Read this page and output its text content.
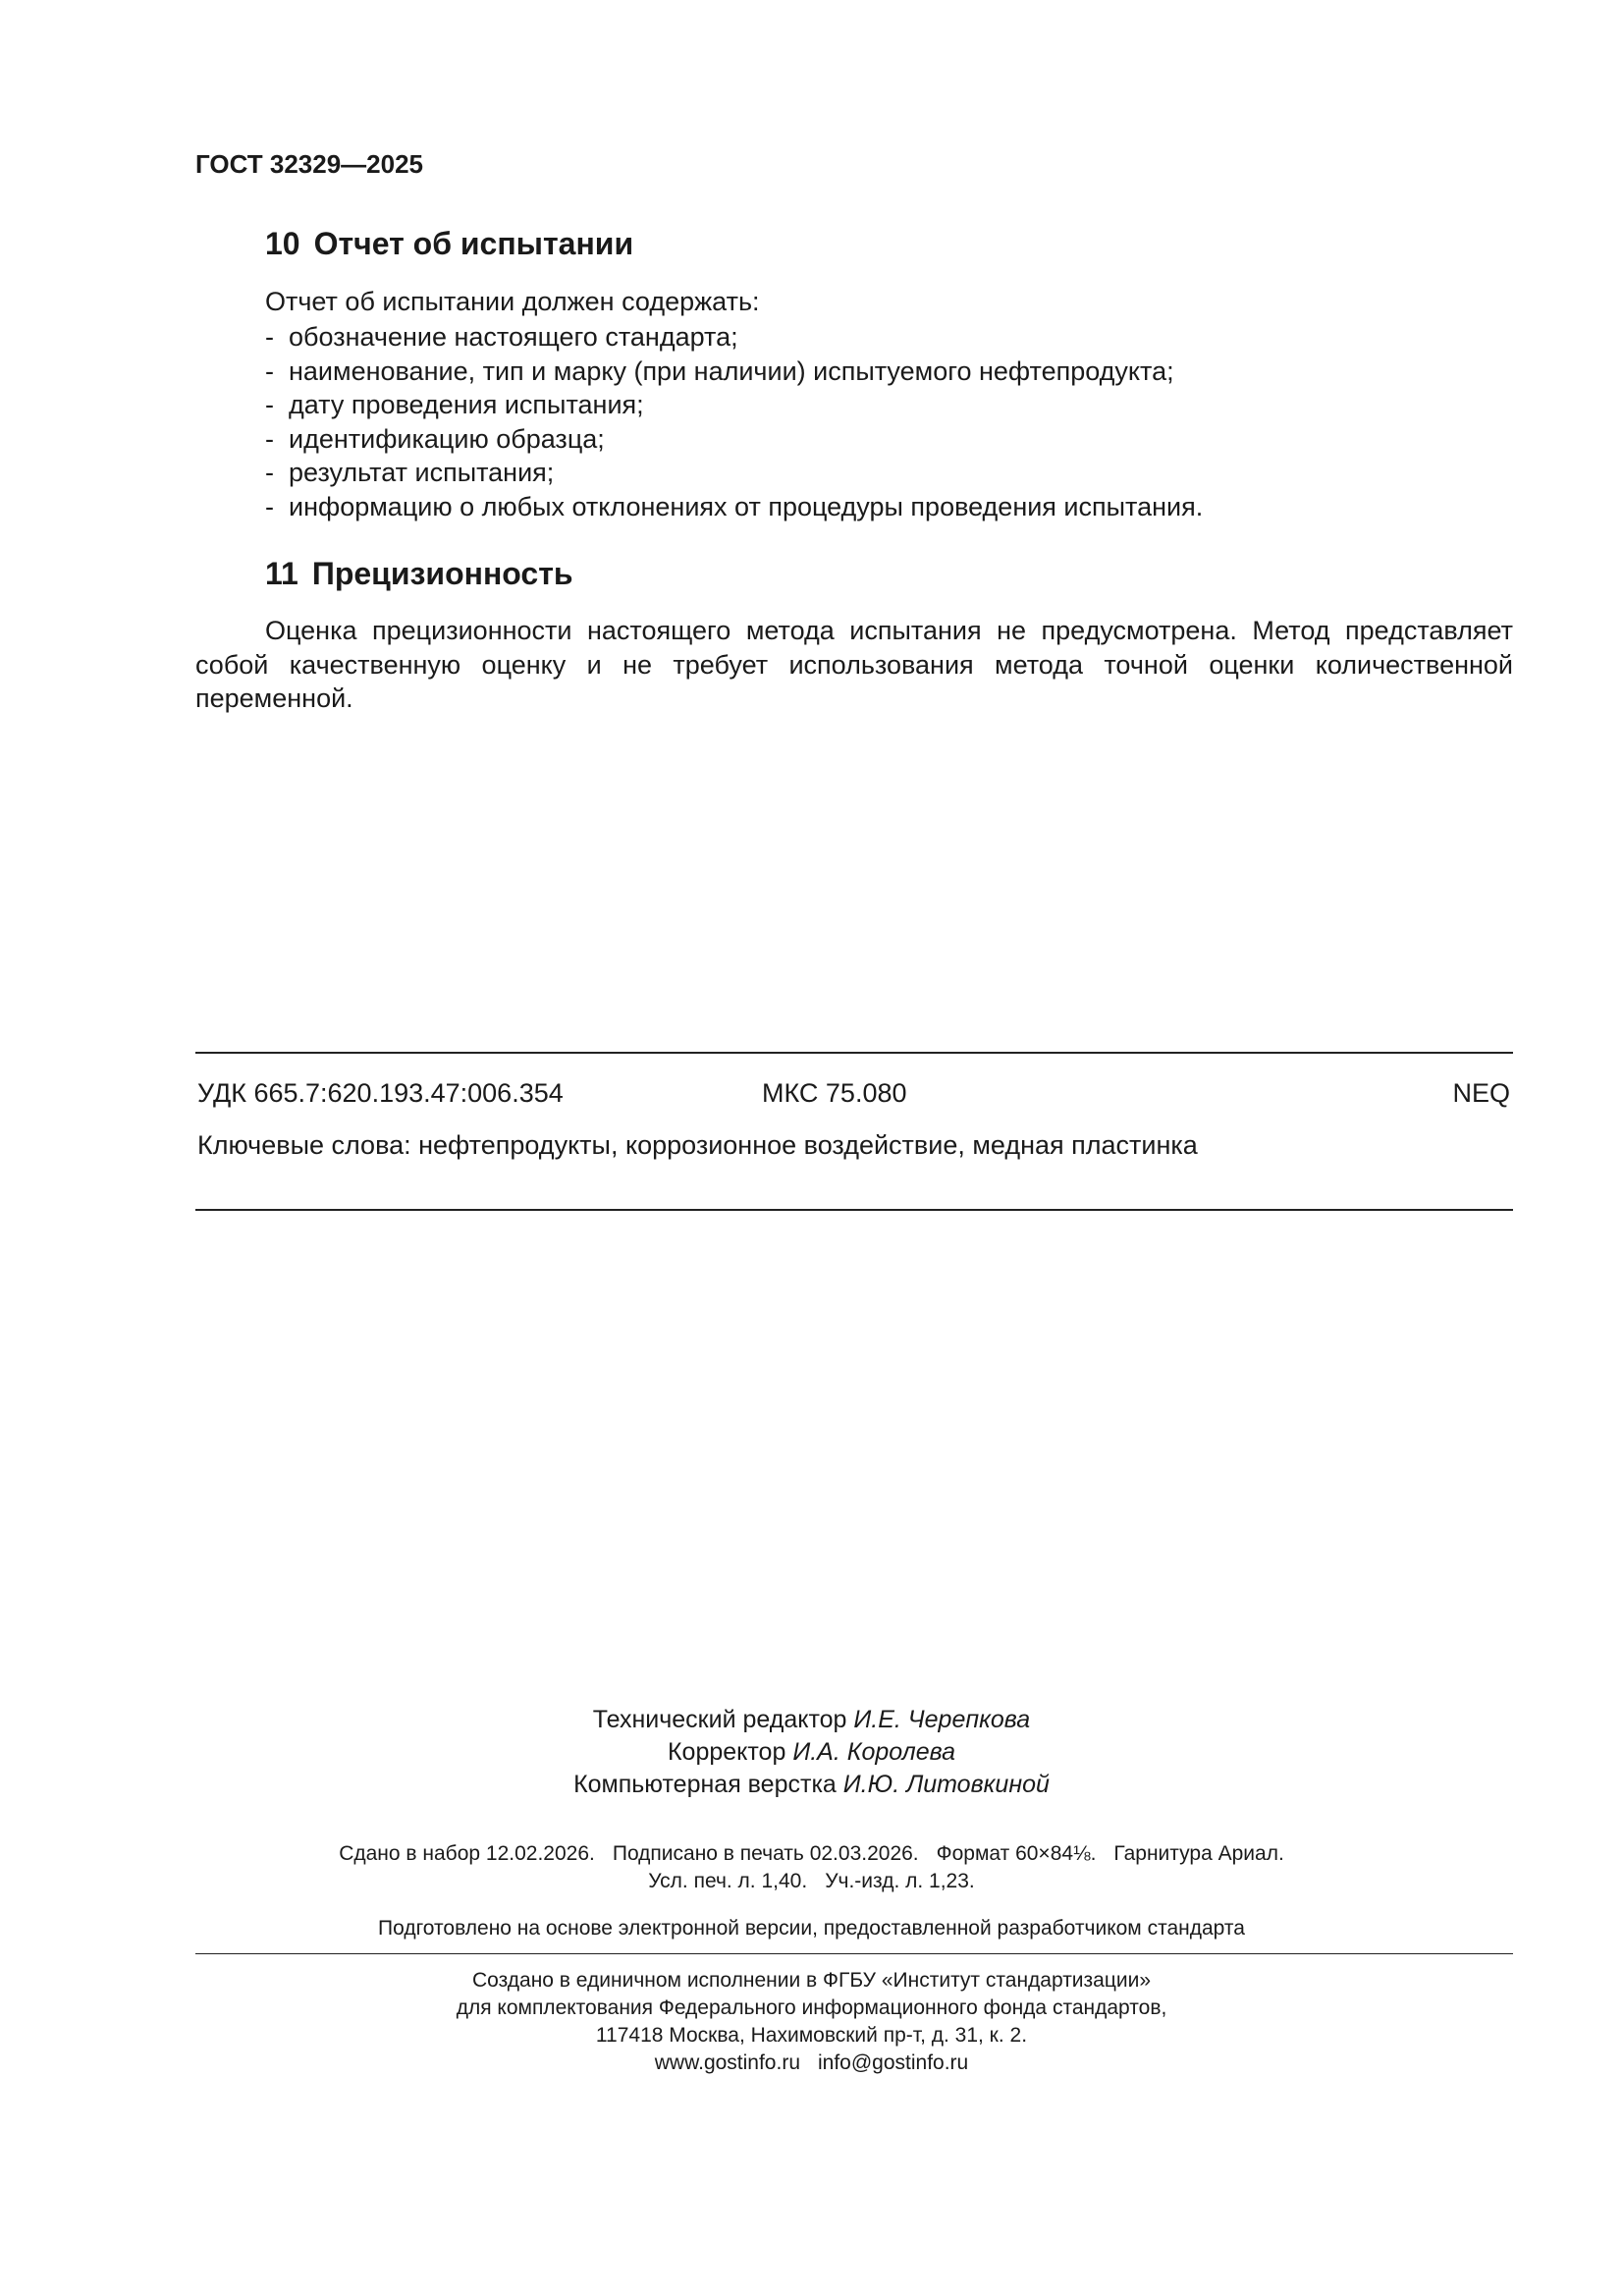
ГОСТ 32329—2025
10 Отчет об испытании
Отчет об испытании должен содержать:
- обозначение настоящего стандарта;
- наименование, тип и марку (при наличии) испытуемого нефтепродукта;
- дату проведения испытания;
- идентификацию образца;
- результат испытания;
- информацию о любых отклонениях от процедуры проведения испытания.
11 Прецизионность

Оценка прецизионности настоящего метода испытания не предусмотрена. Метод представляет собой качественную оценку и не требует использования метода точной оценки количественной переменной.

УДК 665.7:620.193.47:006.354	МКС 75.080	NEQ
Ключевые слова: нефтепродукты, коррозионное воздействие, медная пластинка
Технический редактор И.Е. Черепкова
Корректор И.А. Королева
Компьютерная верстка И.Ю. Литовкиной
Сдано в набор 12.02.2026. Подписано в печать 02.03.2026. Формат 60×84⅛. Гарнитура Ариал.
Усл. печ. л. 1,40. Уч.-изд. л. 1,23.
Подготовлено на основе электронной версии, предоставленной разработчиком стандарта
Создано в единичном исполнении в ФГБУ «Институт стандартизации»
для комплектования Федерального информационного фонда стандартов,
117418 Москва, Нахимовский пр-т, д. 31, к. 2.
www.gostinfo.ru info@gostinfo.ru
